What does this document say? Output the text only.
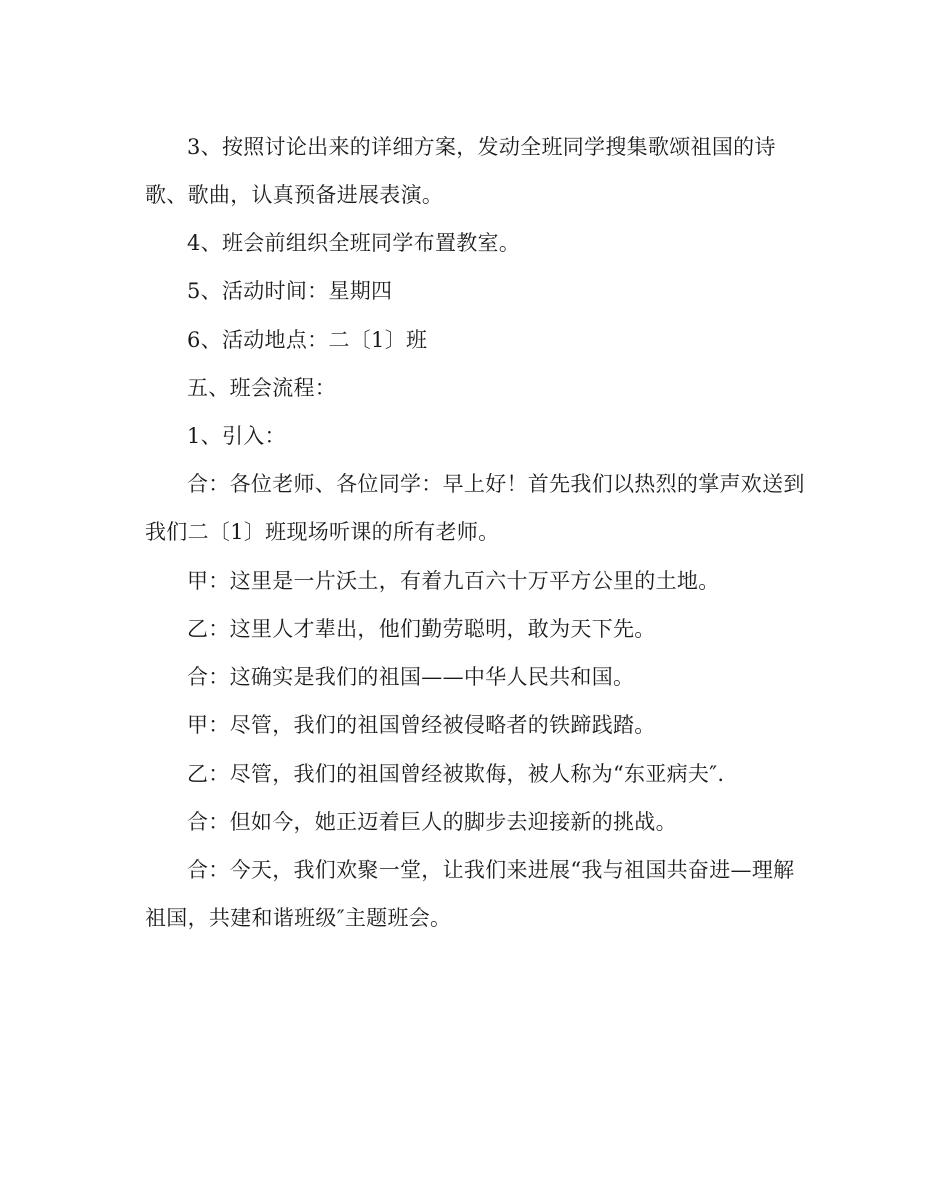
3、按照讨论出来的详细方案，发动全班同学搜集歌颂祖国的诗歌、歌曲，认真预备进展表演。

4、班会前组织全班同学布置教室。

5、活动时间：星期四

6、活动地点：二〔1〕班

五、班会流程：

1、引入：

合：各位老师、各位同学：早上好！首先我们以热烈的掌声欢送到我们二〔1〕班现场听课的所有老师。

甲：这里是一片沃土，有着九百六十万平方公里的土地。

乙：这里人才辈出，他们勤劳聪明，敢为天下先。

合：这确实是我们的祖国——中华人民共和国。

甲：尽管，我们的祖国曾经被侵略者的铁蹄践踏。

乙：尽管，我们的祖国曾经被欺侮，被人称为“东亚病夫″.

合：但如今，她正迈着巨人的脚步去迎接新的挑战。

合：今天，我们欢聚一堂，让我们来进展“我与祖国共奋进—理解祖国，共建和谐班级″主题班会。
